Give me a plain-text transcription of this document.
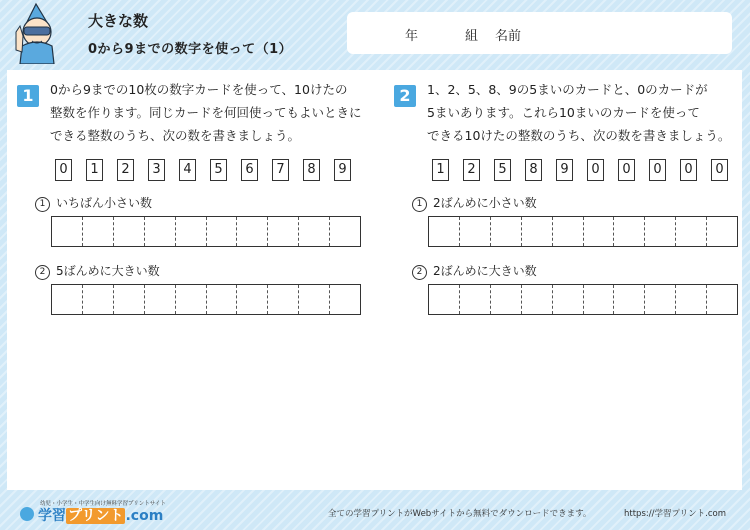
大きな数
0から9までの数字を使って（1）
年	組 名前
1	0から9までの10枚の数字カードを使って、10けたの
整数を作ります。同じカードを何回使ってもよいときに
できる整数のうち、次の数を書きましょう。
0	1	2	3	4	5	6	7	8	9
1 いちばん小さい数
2 5ばんめに大きい数
2	1、2、5、8、9の5まいのカードと、0のカードが
5まいあります。これら10まいのカードを使って
できる10けたの整数のうち、次の数を書きましょう。
1	2	5	8	9	0	0	0	0	0
1 2ばんめに小さい数
2 2ばんめに大きい数
幼児・小学生・中学生向け無料学習プリントサイト
学習 プリント .com	全ての学習プリントがWebサイトから無料でダウンロードできます。	https://学習プリント.com
